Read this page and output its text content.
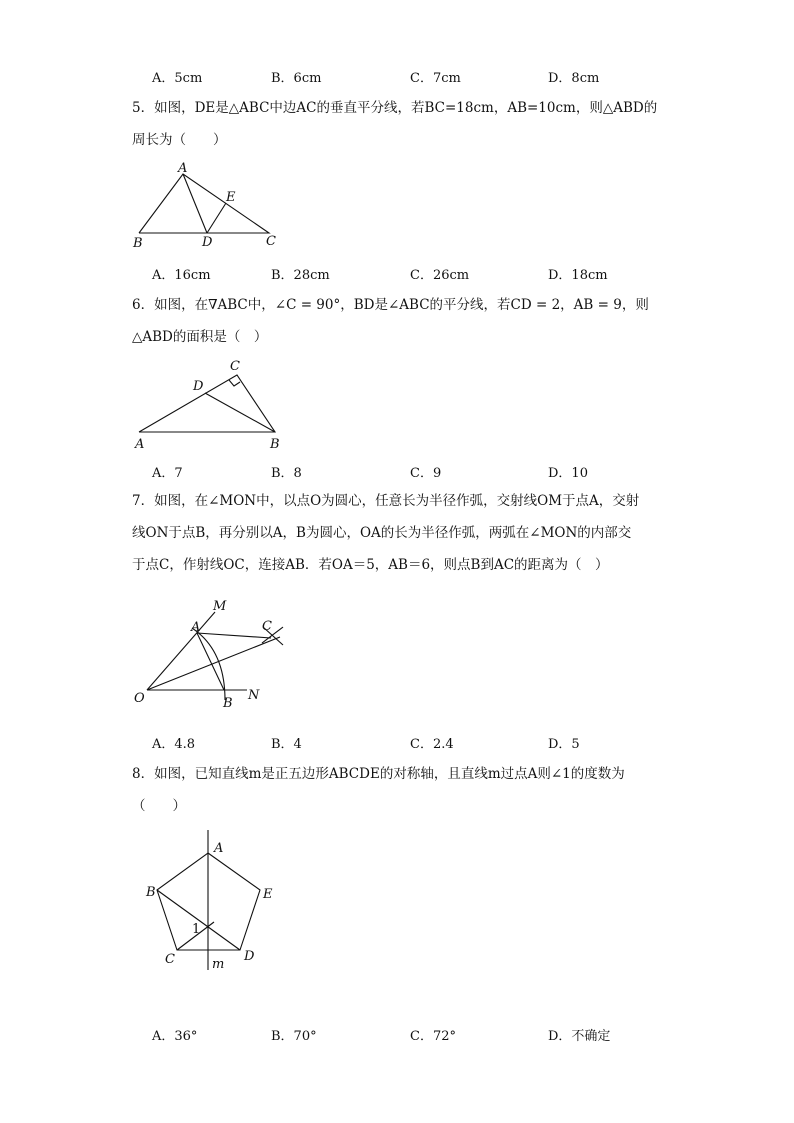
A．5cm	B．6cm	C．7cm	D．8cm
5．如图，DE是△ABC中边AC的垂直平分线，若BC=18cm，AB=10cm，则△ABD的
周长为（　　）
A
E
B	D	C
A．16cm	B．28cm	C．26cm	D．18cm
6．如图，在∇ABC中，∠C = 90°，BD是∠ABC的平分线，若CD = 2，AB = 9，则
△ABD的面积是（　）
C
D
A	B
A．7	B．8	C．9	D．10
7．如图，在∠MON中，以点O为圆心，任意长为半径作弧，交射线OM于点A，交射
线ON于点B，再分别以A，B为圆心，OA的长为半径作弧，两弧在∠MON的内部交
于点C，作射线OC，连接AB．若OA＝5，AB＝6，则点B到AC的距离为（　）
M
A	C
O	B
N
A．4.8	B．4	C．2.4	D．5
8．如图，已知直线m是正五边形ABCDE的对称轴，且直线m过点A则∠1的度数为
（　　）
A
B	E
1
C	D
m
A．36°	B．70°	C．72°	D．不确定
